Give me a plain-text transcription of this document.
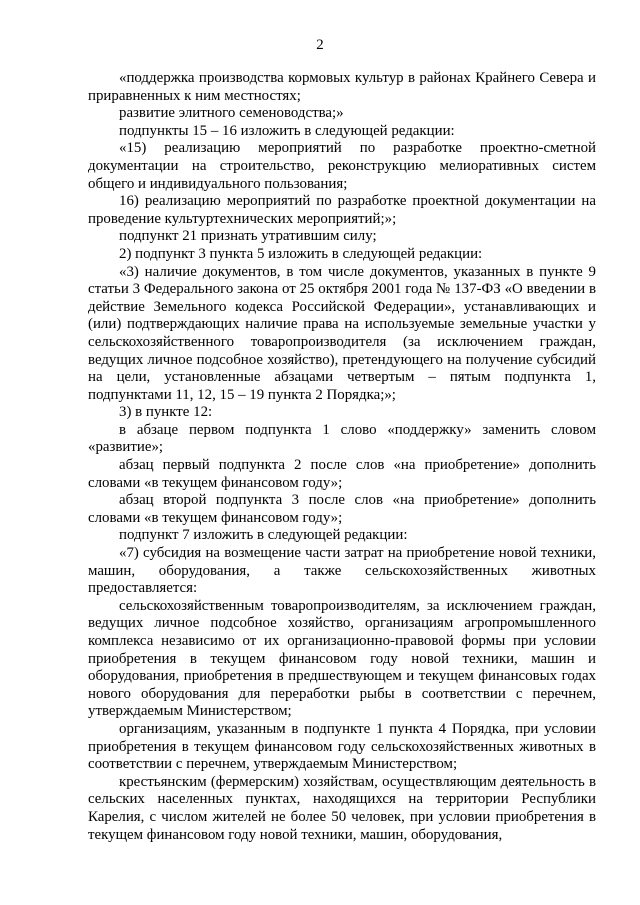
2

«поддержка производства кормовых культур в районах Крайнего Севера и приравненных к ним местностях;

развитие элитного семеноводства;»

подпункты 15 – 16 изложить в следующей редакции:

«15) реализацию мероприятий по разработке проектно-сметной документации на строительство, реконструкцию мелиоративных систем общего и индивидуального пользования;

16) реализацию мероприятий по разработке проектной документации на проведение культуртехнических мероприятий;»;

подпункт 21 признать утратившим силу;

2) подпункт 3 пункта 5 изложить в следующей редакции:

«3) наличие документов, в том числе документов, указанных в пункте 9 статьи 3 Федерального закона от 25 октября 2001 года № 137-ФЗ «О введении в действие Земельного кодекса Российской Федерации», устанавливающих и (или) подтверждающих наличие права на используемые земельные участки у сельскохозяйственного товаропроизводителя (за исключением граждан, ведущих личное подсобное хозяйство), претендующего на получение субсидий на цели, установленные абзацами четвертым – пятым подпункта 1, подпунктами 11, 12, 15 – 19 пункта 2 Порядка;»;

3) в пункте 12:

в абзаце первом подпункта 1 слово «поддержку» заменить словом «развитие»;

абзац первый подпункта 2 после слов «на приобретение» дополнить словами «в текущем финансовом году»;

абзац второй подпункта 3 после слов «на приобретение» дополнить словами «в текущем финансовом году»;

подпункт 7 изложить в следующей редакции:

«7) субсидия на возмещение части затрат на приобретение новой техники, машин, оборудования, а также сельскохозяйственных животных предоставляется:

сельскохозяйственным товаропроизводителям, за исключением граждан, ведущих личное подсобное хозяйство, организациям агропромышленного комплекса независимо от их организационно-правовой формы при условии приобретения в текущем финансовом году новой техники, машин и оборудования, приобретения в предшествующем и текущем финансовых годах нового оборудования для переработки рыбы в соответствии с перечнем, утверждаемым Министерством;

организациям, указанным в подпункте 1 пункта 4 Порядка, при условии приобретения в текущем финансовом году сельскохозяйственных животных в соответствии с перечнем, утверждаемым Министерством;

крестьянским (фермерским) хозяйствам, осуществляющим деятельность в сельских населенных пунктах, находящихся на территории Республики Карелия, с числом жителей не более 50 человек, при условии приобретения в текущем финансовом году новой техники, машин, оборудования,
